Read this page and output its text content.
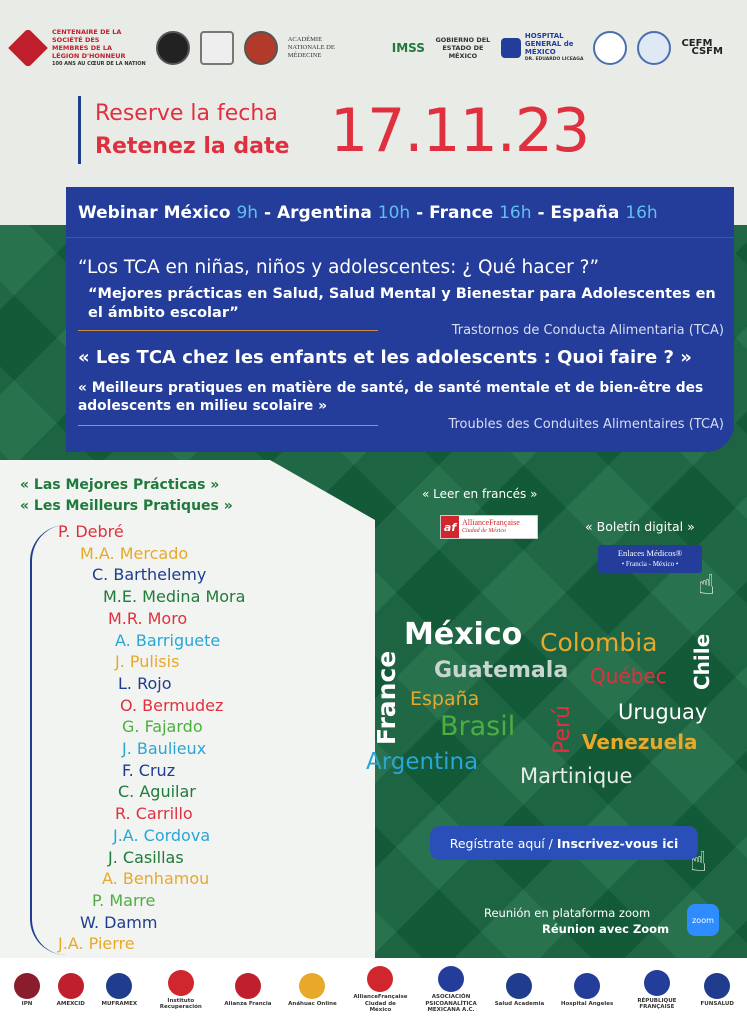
CENTENAIRE DE LA SOCIÉTÉ DES MEMBRES DE LA LÉGION D'HONNEUR
100 ANS AU CŒUR DE LA NATION
ACADÉMIE NATIONALE DE MÉDECINE
IMSS
GOBIERNO DEL ESTADO DE MÉXICO
HOSPITAL GENERAL de MÉXICO
DR. EDUARDO LICEAGA
CEFM
CSFM
Reserve la fecha
Retenez la date 17.11.23
Webinar México 9h - Argentina 10h - France 16h - España 16h
“Los TCA en niñas, niños y adolescentes: ¿ Qué hacer ?”
“Mejores prácticas en Salud, Salud Mental y Bienestar para Adolescentes en el ámbito escolar”
Trastornos de Conducta Alimentaria (TCA)
« Les TCA chez les enfants et les adolescents : Quoi faire ? »
« Meilleurs pratiques en matière de santé, de santé mentale et de bien-être des adolescents en milieu scolaire »
Troubles des Conduites Alimentaires (TCA)
« Las Mejores Prácticas »
« Les Meilleurs Pratiques »
P. Debré
M.A. Mercado
C. Barthelemy
M.E. Medina Mora
M.R. Moro
A. Barriguete
J. Pulisis
L. Rojo
O. Bermudez
G. Fajardo
J. Baulieux
F. Cruz
C. Aguilar
R. Carrillo
J.A. Cordova
J. Casillas
A. Benhamou
P. Marre
W. Damm
J.A. Pierre
« Leer en francés »
af AllianceFrançaise
Ciudad de México	« Boletín digital »
Enlaces Médicos®
• Francia - México •
☝
México Colombia Chile
France Guatemala Québec
España
Brasil Perú Uruguay
Venezuela
Argentina
Martinique
Regístrate aquí / Inscrivez-vous ici
☝
Reunión en plataforma zoom
Réunion avec Zoom
zoom
IPN	AMEXCID	MUFRAMEX
Instituto Recuperación
Alianza Francia	Anáhuac Online
AllianceFrançaise Ciudad de México
ASOCIACIÓN PSICOANALÍTICA MEXICANA A.C.
Salud Academia	Hospital Angeles
RÉPUBLIQUE FRANÇAISE
FUNSALUD
